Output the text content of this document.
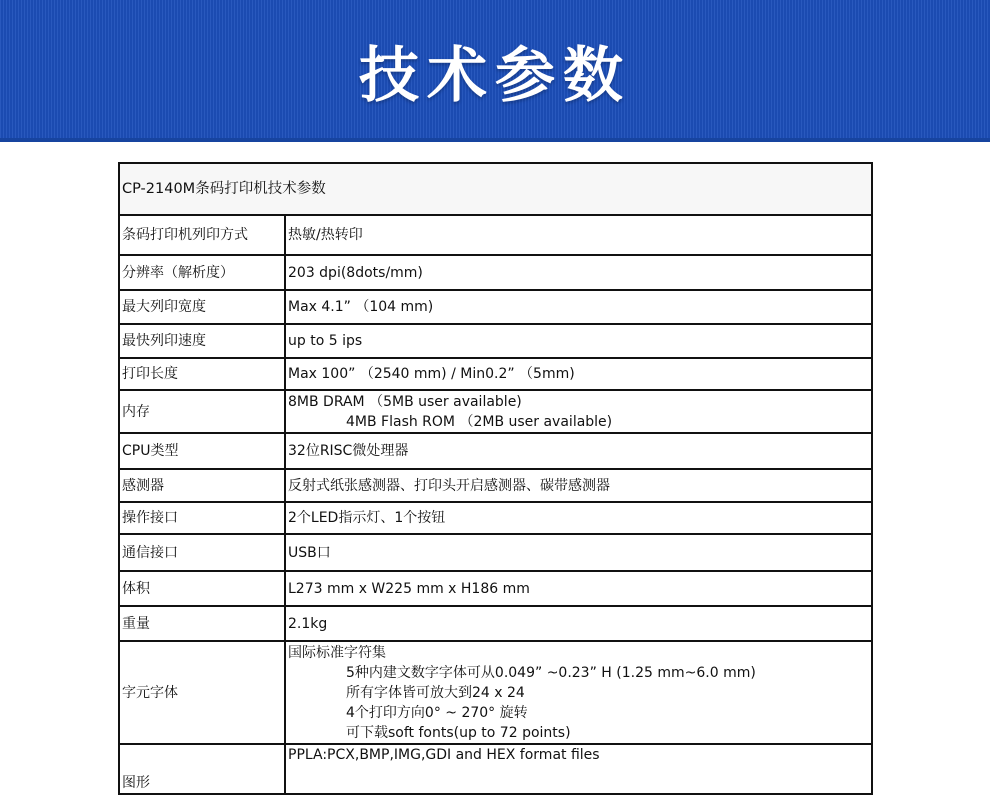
技术参数
CP-2140M条码打印机技术参数	
条码打印机列印方式	热敏/热转印
分辨率（解析度）	203 dpi(8dots/mm)
最大列印宽度	Max 4.1” （104 mm)
最快列印速度	up to 5 ips
打印长度	Max 100” （2540 mm) / Min0.2” （5mm)
内存	8MB DRAM （5MB user available)
4MB Flash ROM （2MB user available)

CPU类型	32位RISC微处理器
感测器	反射式纸张感测器、打印头开启感测器、碳带感测器
操作接口	2个LED指示灯、1个按钮
通信接口	USB口
体积	L273 mm x W225 mm x H186 mm
重量	2.1kg
字元字体	国际标准字符集
5种内建文数字字体可从0.049” ~0.23” H (1.25 mm~6.0 mm)
所有字体皆可放大到24 x 24
4个打印方向0° ~ 270° 旋转
可下载soft fonts(up to 72 points)

图形	PPLA:PCX,BMP,IMG,GDI and HEX format files
